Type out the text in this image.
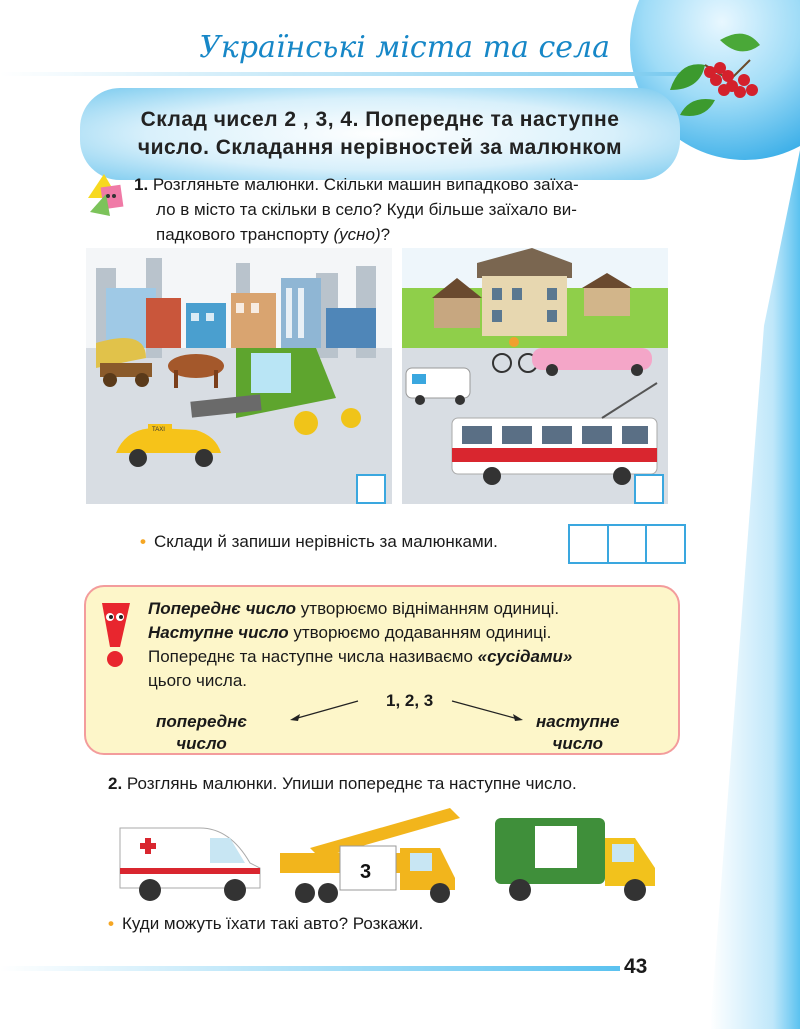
Українські міста та села
Склад чисел 2 , 3, 4. Попереднє та наступне
число. Складання нерівностей за малюнком
1. Розгляньте малюнки. Скільки машин випадково заїха-
ло в місто та скільки в село? Куди більше заїхало ви-
падкового транспорту (усно)?
TAXI
• Склади й запиши нерівність за малюнками.
Попереднє число утворюємо відніманням одиниці.
Наступне число утворюємо додаванням одиниці.
Попереднє та наступне числа називаємо «сусідами»
цього числа.
1, 2, 3
попереднє
число
наступне
число
2. Розглянь малюнки. Упиши попереднє та наступне число.
3
• Куди можуть їхати такі авто? Розкажи.
43
